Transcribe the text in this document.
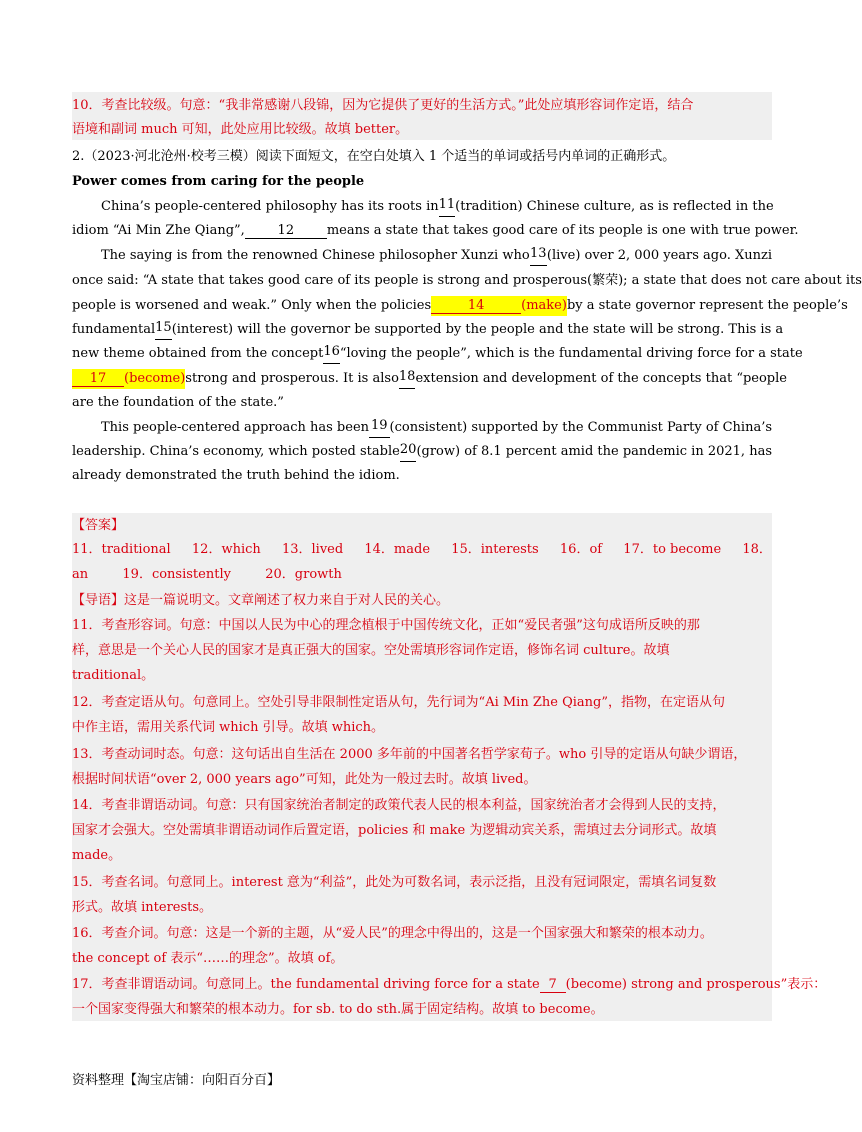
10．考查比较级。句意：“我非常感谢八段锦，因为它提供了更好的生活方式。”此处应填形容词作定语，结合
语境和副词 much 可知，此处应用比较级。故填 better。
2.（2023·河北沧州·校考三模）阅读下面短文，在空白处填入 1 个适当的单词或括号内单词的正确形式。
Power comes from caring for the people
China’s people-centered philosophy has its roots in 11 (tradition) Chinese culture, as is reflected in the
idiom “Ai Min Zhe Qiang”,	12	means a state that takes good care of its people is one with true power.
The saying is from the renowned Chinese philosopher Xunzi who 13 (live) over 2, 000 years ago. Xunzi
once said: “A state that takes good care of its people is strong and prosperous(繁荣); a state that does not care about its
people is worsened and weak.” Only when the policies	14	(make) by a state governor represent the people’s
fundamental 15 (interest) will the governor be supported by the people and the state will be strong. This is a
new theme obtained from the concept 16 “loving the people”, which is the fundamental driving force for a state
17 (become) strong and prosperous. It is also 18 extension and development of the concepts that “people
are the foundation of the state.”
This people-centered approach has been 19 (consistent) supported by the Communist Party of China’s
leadership. China’s economy, which posted stable 20 (grow) of 8.1 percent amid the pandemic in 2021, has
already demonstrated the truth behind the idiom.
【答案】
11．traditional 12．which 13．lived 14．made 15．interests 16．of 17．to become 18．
an	19．consistently	20．growth
【导语】这是一篇说明文。文章阐述了权力来自于对人民的关心。
11．考查形容词。句意：中国以人民为中心的理念植根于中国传统文化，正如“爱民者强”这句成语所反映的那
样，意思是一个关心人民的国家才是真正强大的国家。空处需填形容词作定语，修饰名词 culture。故填
traditional。
12．考查定语从句。句意同上。空处引导非限制性定语从句，先行词为“Ai Min Zhe Qiang”，指物，在定语从句
中作主语，需用关系代词 which 引导。故填 which。
13．考查动词时态。句意：这句话出自生活在 2000 多年前的中国著名哲学家荀子。who 引导的定语从句缺少谓语，
根据时间状语“over 2, 000 years ago”可知，此处为一般过去时。故填 lived。
14．考查非谓语动词。句意：只有国家统治者制定的政策代表人民的根本利益，国家统治者才会得到人民的支持，
国家才会强大。空处需填非谓语动词作后置定语，policies 和 make 为逻辑动宾关系，需填过去分词形式。故填
made。
15．考查名词。句意同上。interest 意为“利益”，此处为可数名词，表示泛指，且没有冠词限定，需填名词复数
形式。故填 interests。
16．考查介词。句意：这是一个新的主题，从“爱人民”的理念中得出的，这是一个国家强大和繁荣的根本动力。
the concept of 表示“……的理念”。故填 of。
17．考查非谓语动词。句意同上。the fundamental driving force for a state 7 (become) strong and prosperous”表示：
一个国家变得强大和繁荣的根本动力。for sb. to do sth.属于固定结构。故填 to become。
资料整理【淘宝店铺：向阳百分百】
